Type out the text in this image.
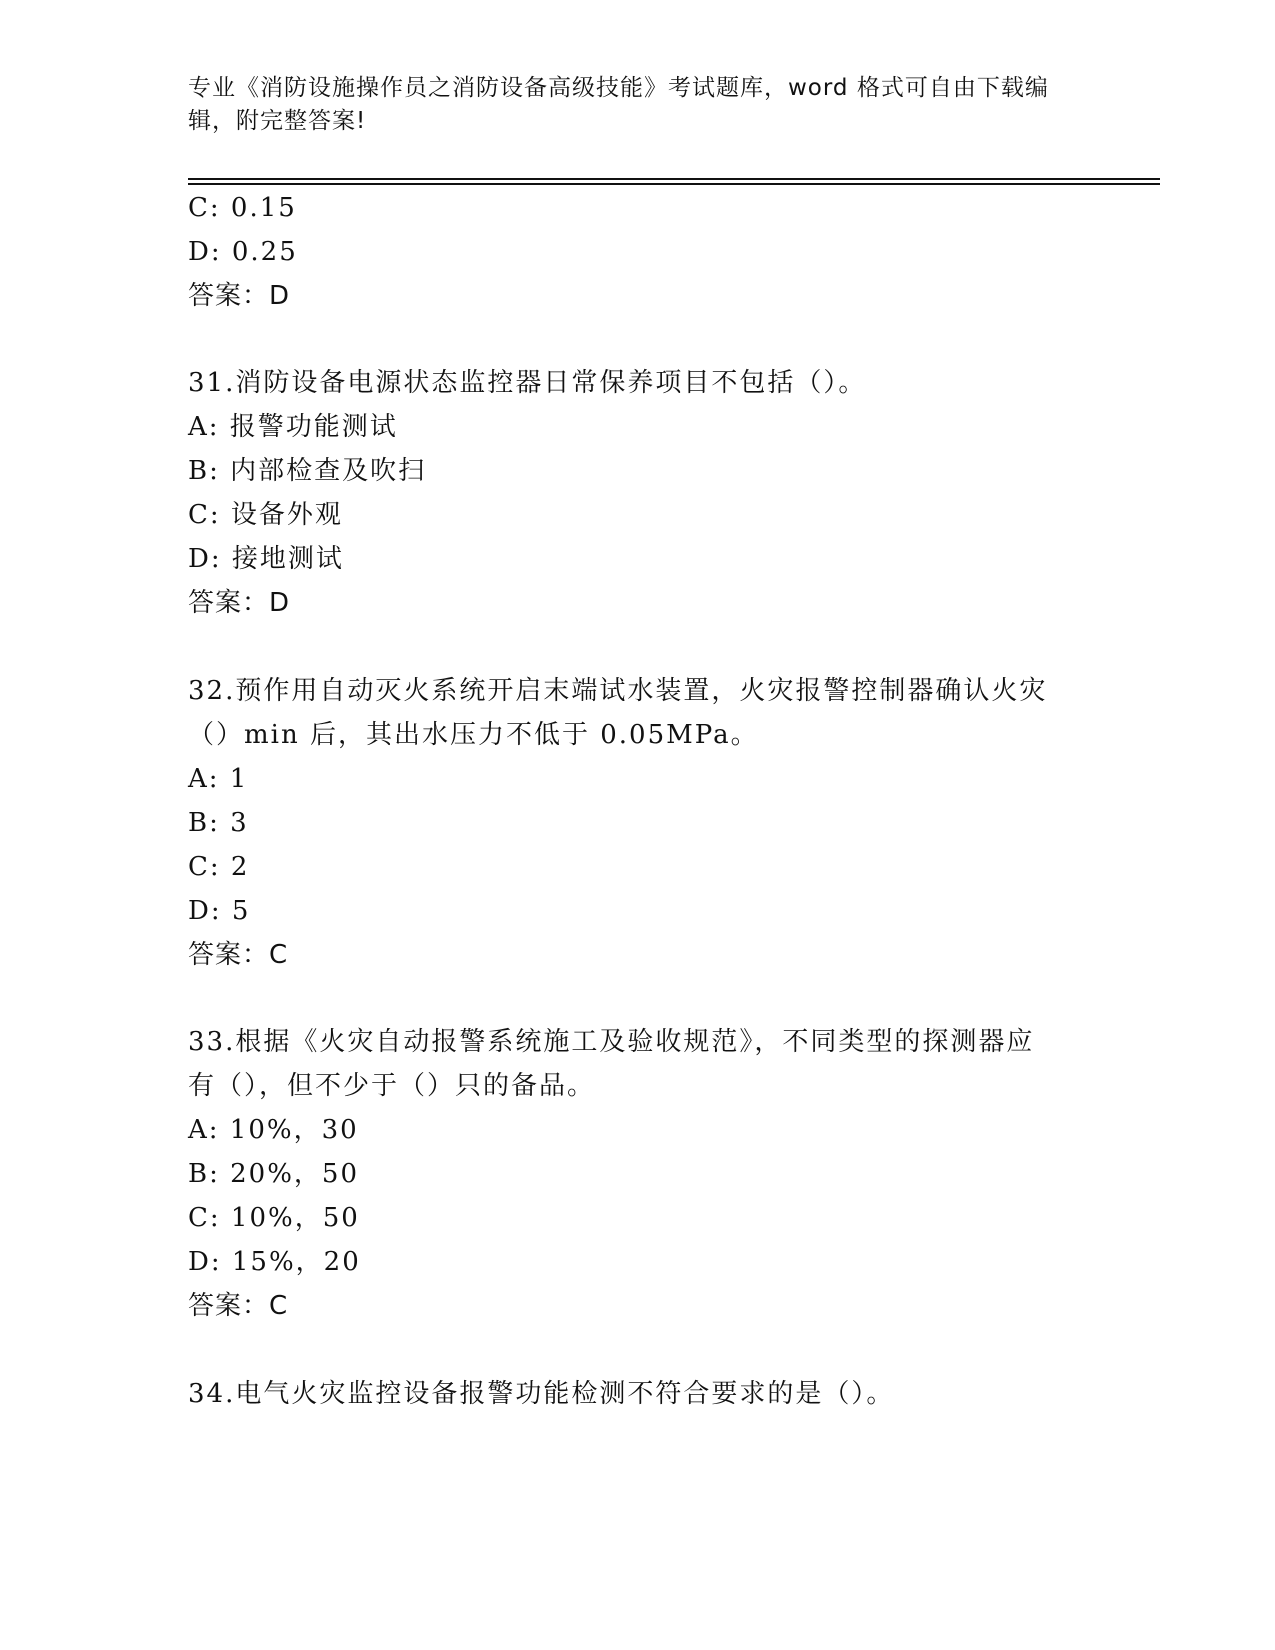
专业《消防设施操作员之消防设备高级技能》考试题库，word 格式可自由下载编
辑，附完整答案!
C: 0.15
D: 0.25
答案：D
31.消防设备电源状态监控器日常保养项目不包括（）。
A: 报警功能测试
B: 内部检查及吹扫
C: 设备外观
D: 接地测试
答案：D
32.预作用自动灭火系统开启末端试水装置，火灾报警控制器确认火灾
（）min 后，其出水压力不低于 0.05MPa。
A: 1
B: 3
C: 2
D: 5
答案：C
33.根据《火灾自动报警系统施工及验收规范》，不同类型的探测器应
有（），但不少于（）只的备品。
A: 10%，30
B: 20%，50
C: 10%，50
D: 15%，20
答案：C
34.电气火灾监控设备报警功能检测不符合要求的是（）。
